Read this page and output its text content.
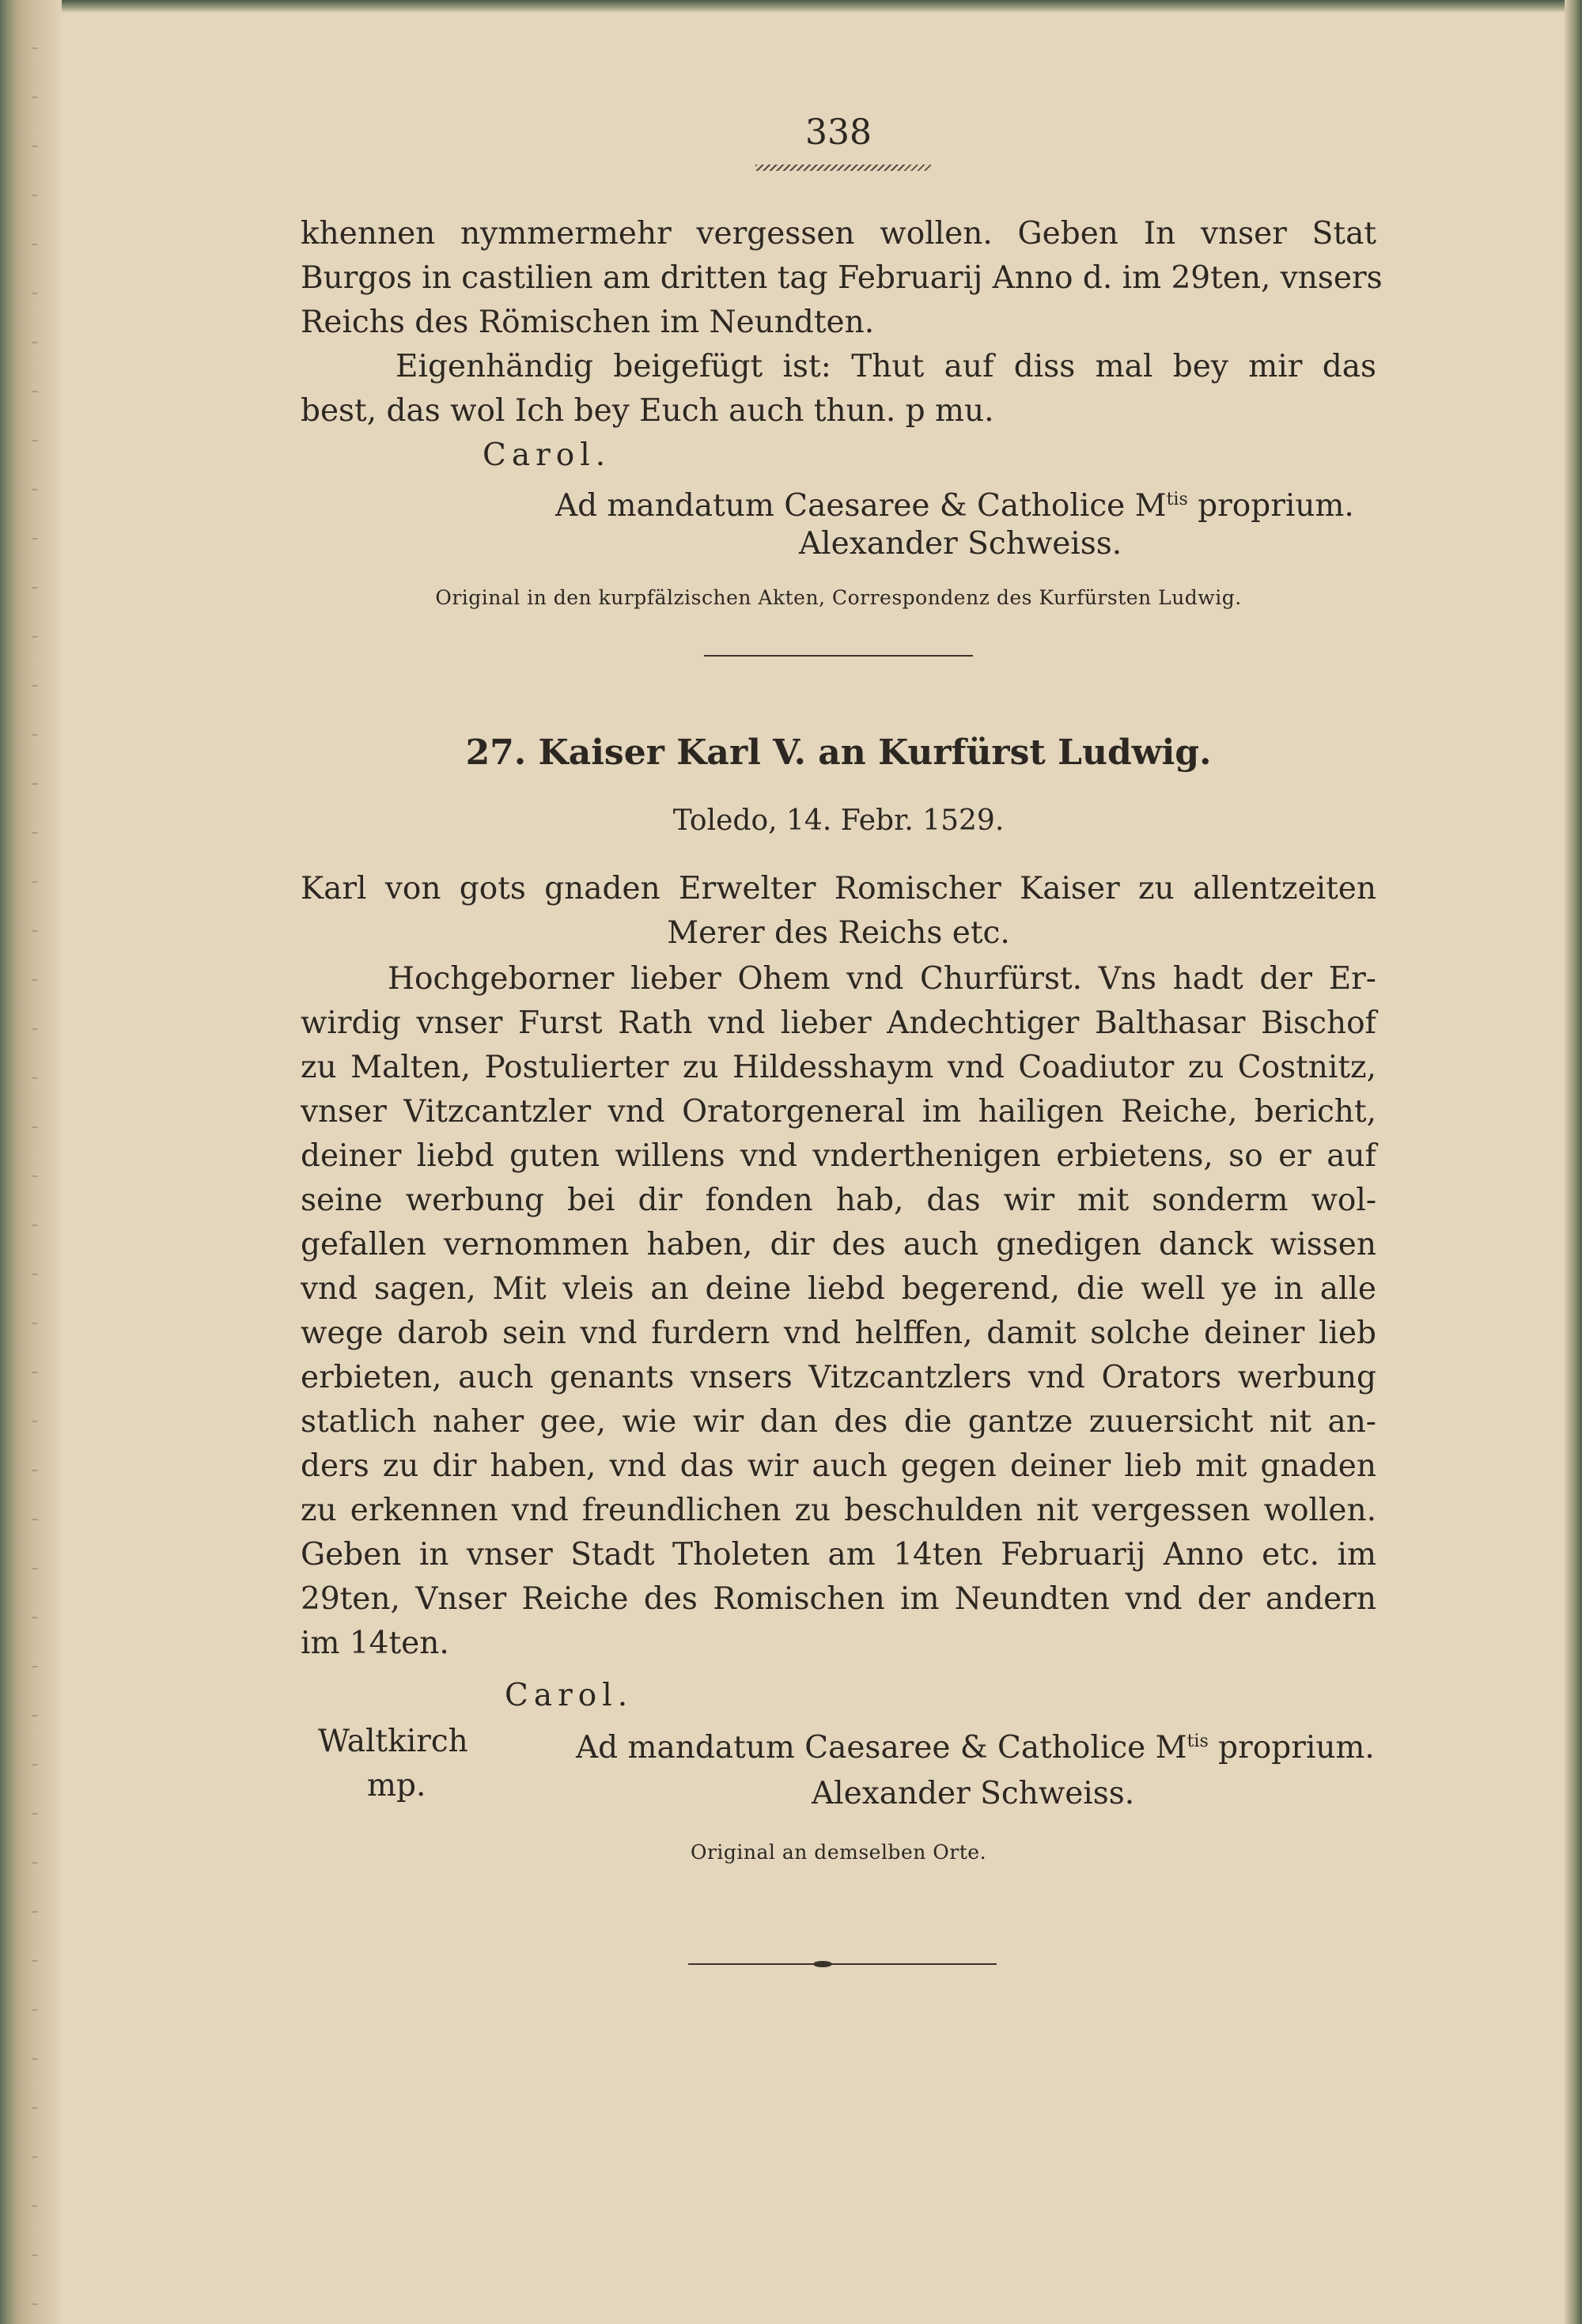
338
khennen nymmermehr vergessen wollen. Geben In vnser Stat
Burgos in castilien am dritten tag Februarij Anno d. im 29ten, vnsers
Reichs des Römischen im Neundten.
Eigenhändig beigefügt ist: Thut auf diss mal bey mir das
best, das wol Ich bey Euch auch thun. p mu.
Carol.
Ad mandatum Caesaree & Catholice $M^{tis}$ proprium.
Alexander Schweiss.
Original in den kurpfälzischen Akten, Correspondenz des Kurfürsten Ludwig.
27. Kaiser Karl V. an Kurfürst Ludwig.
Toledo, 14. Febr. 1529.
Karl von gots gnaden Erwelter Romischer Kaiser zu allentzeiten
Merer des Reichs etc.
Hochgeborner lieber Ohem vnd Churfürst. Vns hadt der Er-
wirdig vnser Furst Rath vnd lieber Andechtiger Balthasar Bischof
zu Malten, Postulierter zu Hildesshaym vnd Coadiutor zu Costnitz,
vnser Vitzcantzler vnd Oratorgeneral im hailigen Reiche, bericht,
deiner liebd guten willens vnd vnderthenigen erbietens, so er auf
seine werbung bei dir fonden hab, das wir mit sonderm wol-
gefallen vernommen haben, dir des auch gnedigen danck wissen
vnd sagen, Mit vleis an deine liebd begerend, die well ye in alle
wege darob sein vnd furdern vnd helffen, damit solche deiner lieb
erbieten, auch genants vnsers Vitzcantzlers vnd Orators werbung
statlich naher gee, wie wir dan des die gantze zuuersicht nit an-
ders zu dir haben, vnd das wir auch gegen deiner lieb mit gnaden
zu erkennen vnd freundlichen zu beschulden nit vergessen wollen.
Geben in vnser Stadt Tholeten am 14ten Februarij Anno etc. im
29ten, Vnser Reiche des Romischen im Neundten vnd der andern
im 14ten.
Carol.
Waltkirch	Ad mandatum Caesaree & Catholice $M^{tis}$ proprium.
mp.	Alexander Schweiss.
Original an demselben Orte.
